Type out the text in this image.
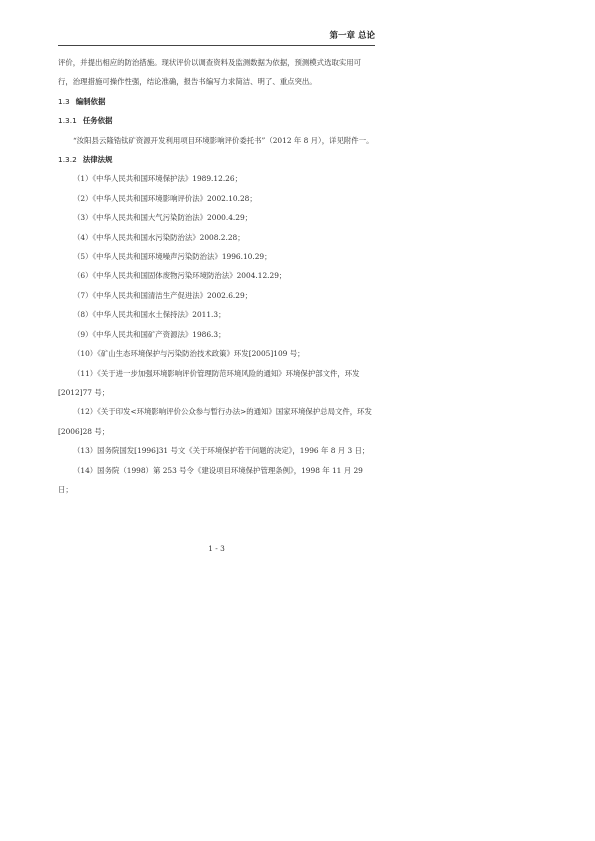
第一章 总论

评价，并提出相应的防治措施。现状评价以调查资料及监测数据为依据，预测模式选取实用可行，治理措施可操作性强，结论准确，报告书编写力求简洁、明了、重点突出。

1.3 编制依据

1.3.1 任务依据

“汝阳县云隆锆钛矿资源开发利用项目环境影响评价委托书”（2012 年 8 月），详见附件一。

1.3.2 法律法规

（1）《中华人民共和国环境保护法》1989.12.26；

（2）《中华人民共和国环境影响评价法》2002.10.28；

（3）《中华人民共和国大气污染防治法》2000.4.29；

（4）《中华人民共和国水污染防治法》2008.2.28；

（5）《中华人民共和国环境噪声污染防治法》1996.10.29；

（6）《中华人民共和国固体废物污染环境防治法》2004.12.29；

（7）《中华人民共和国清洁生产促进法》2002.6.29；

（8）《中华人民共和国水土保持法》2011.3；

（9）《中华人民共和国矿产资源法》1986.3；

（10）《矿山生态环境保护与污染防治技术政策》环发[2005]109 号；

（11）《关于进一步加强环境影响评价管理防范环境风险的通知》环境保护部文件，环发[2012]77 号；

（12）《关于印发<环境影响评价公众参与暂行办法>的通知》国家环境保护总局文件，环发[2006]28 号；

（13）国务院国发[1996]31 号文《关于环境保护若干问题的决定》，1996 年 8 月 3 日；

（14）国务院（1998）第 253 号令《建设项目环境保护管理条例》，1998 年 11 月 29 日；

1 - 3
